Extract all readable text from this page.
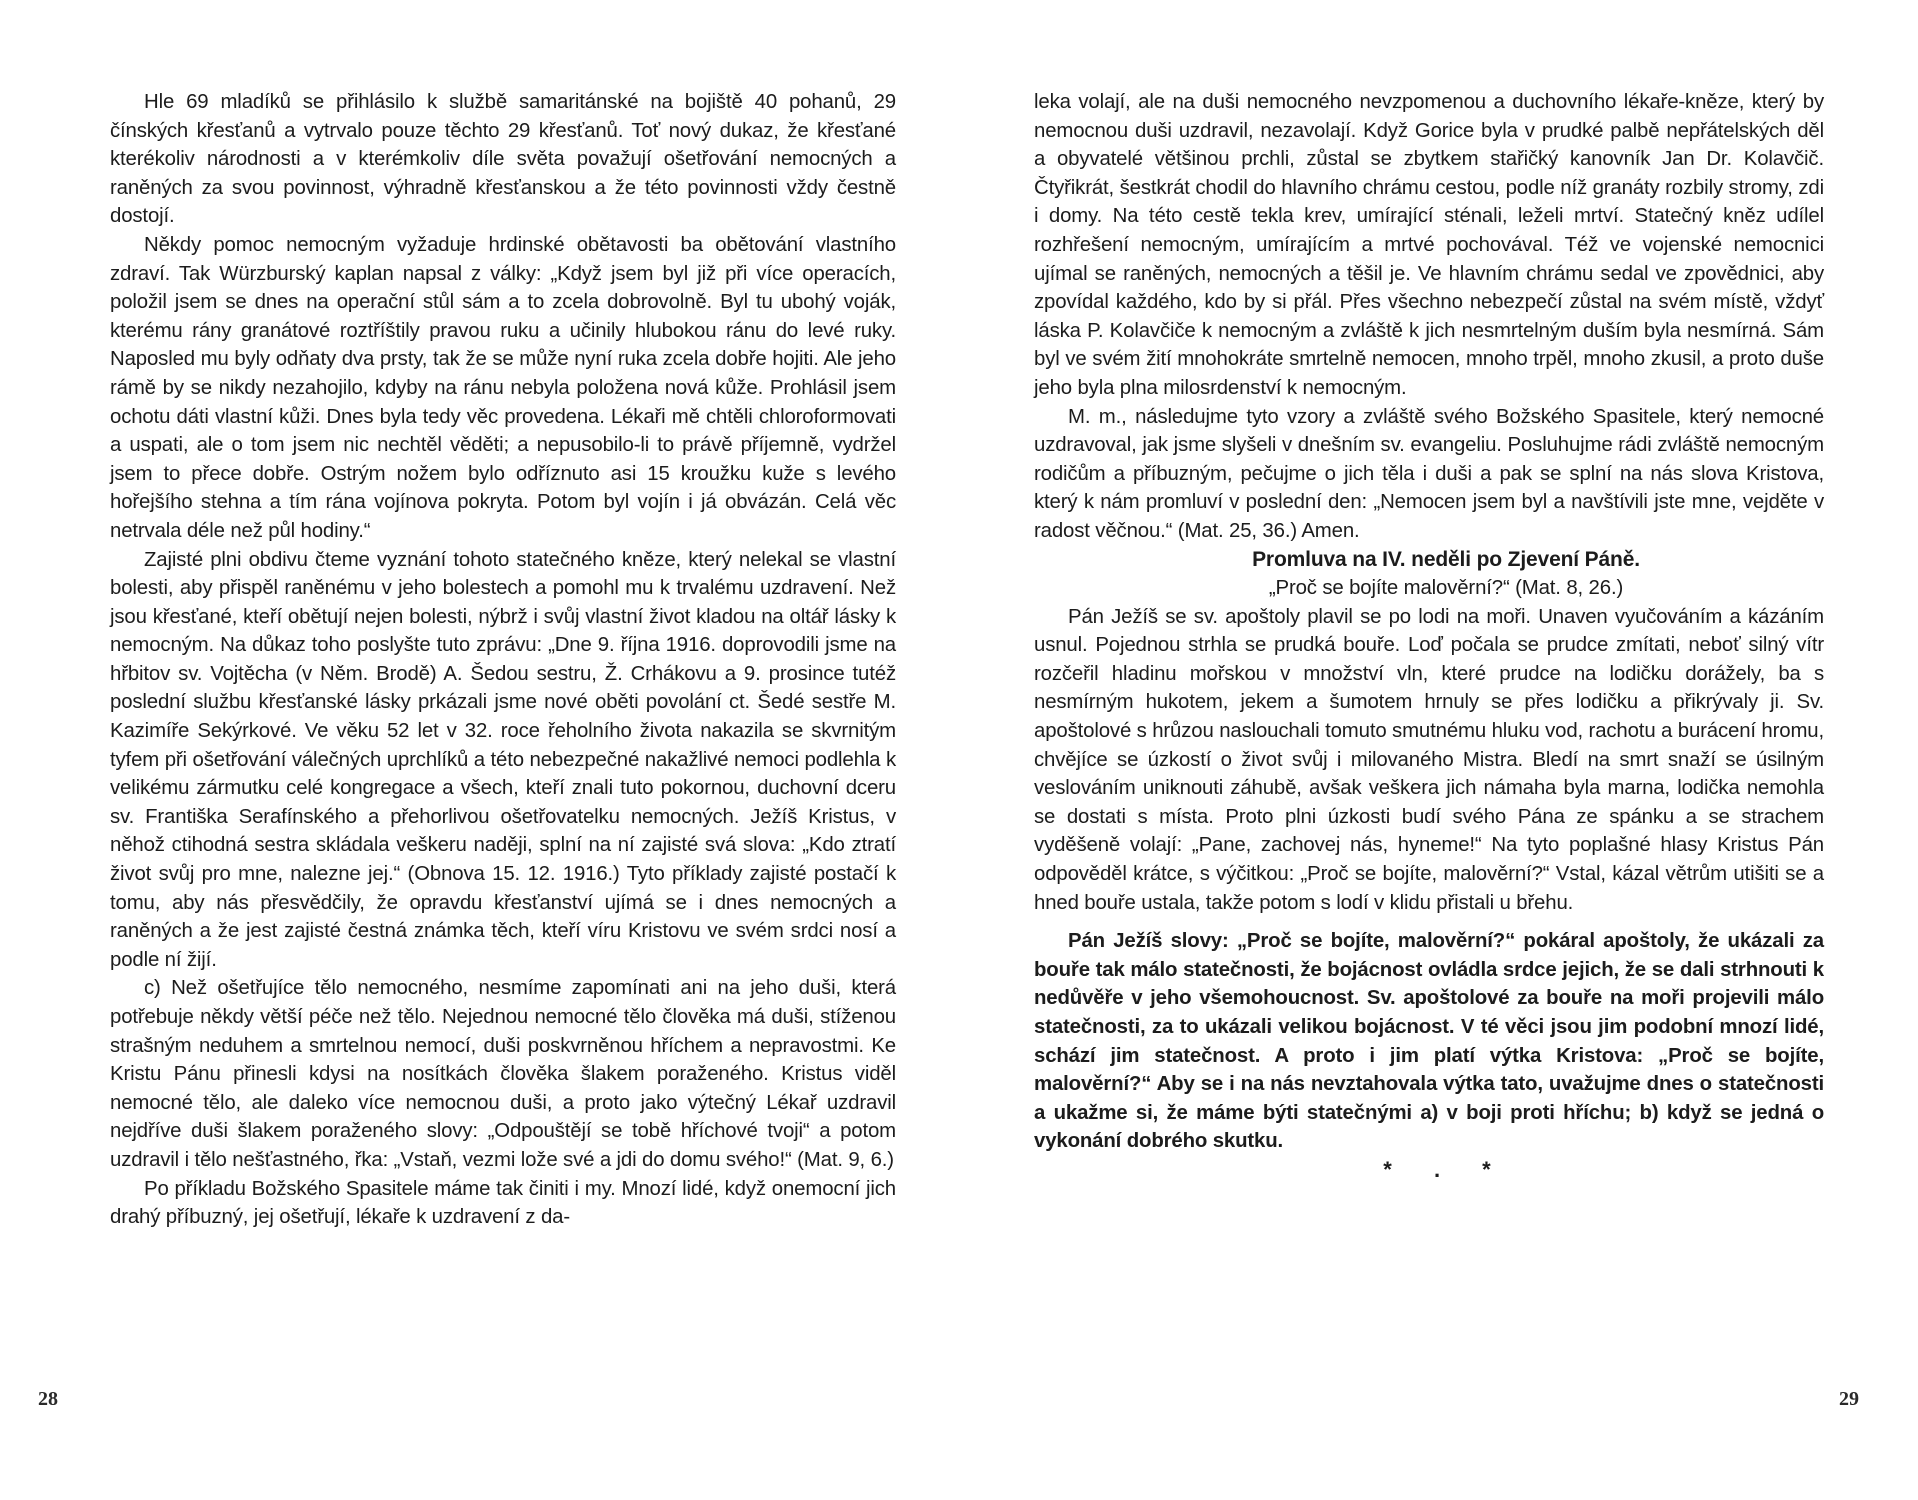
Hle 69 mladíků se přihlásilo k službě samaritánské na bojiště 40 pohanů, 29 čínských křesťanů a vytrvalo pouze těchto 29 křesťanů. Toť nový dukaz, že křesťané kterékoliv národnosti a v kterémkoliv díle světa považují ošetřování nemocných a raněných za svou povinnost, výhradně křesťanskou a že této povinnosti vždy čestně dostojí.

Někdy pomoc nemocným vyžaduje hrdinské obětavosti ba obětování vlastního zdraví. Tak Würzburský kaplan napsal z války: „Když jsem byl již při více operacích, položil jsem se dnes na operační stůl sám a to zcela dobrovolně. Byl tu ubohý voják, kterému rány granátové roztříštily pravou ruku a učinily hlubokou ránu do levé ruky. Naposled mu byly odňaty dva prsty, tak že se může nyní ruka zcela dobře hojiti. Ale jeho rámě by se nikdy nezahojilo, kdyby na ránu nebyla položena nová kůže. Prohlásil jsem ochotu dáti vlastní kůži. Dnes byla tedy věc provedena. Lékaři mě chtěli chloroformovati a uspati, ale o tom jsem nic nechtěl věděti; a nepusobilo-li to právě příjemně, vydržel jsem to přece dobře. Ostrým nožem bylo odříznuto asi 15 kroužku kuže s levého hořejšího stehna a tím rána vojínova pokryta. Potom byl vojín i já obvázán. Celá věc netrvala déle než půl hodiny.“

Zajisté plni obdivu čteme vyznání tohoto statečného kněze, který nelekal se vlastní bolesti, aby přispěl raněnému v jeho bolestech a pomohl mu k trvalému uzdravení. Než jsou křesťané, kteří obětují nejen bolesti, nýbrž i svůj vlastní život kladou na oltář lásky k nemocným. Na důkaz toho poslyšte tuto zprávu: „Dne 9. října 1916. doprovodili jsme na hřbitov sv. Vojtěcha (v Něm. Brodě) A. Šedou sestru, Ž. Crhákovu a 9. prosince tutéž poslední službu křesťanské lásky prkázali jsme nové oběti povolání ct. Šedé sestře M. Kazimíře Sekýrkové. Ve věku 52 let v 32. roce řeholního života nakazila se skvrnitým tyfem při ošetřování válečných uprchlíků a této nebezpečné nakažlivé nemoci podlehla k velikému zármutku celé kongregace a všech, kteří znali tuto pokornou, duchovní dceru sv. Františka Serafínského a přehorlivou ošetřovatelku nemocných. Ježíš Kristus, v něhož ctihodná sestra skládala veškeru naději, splní na ní zajisté svá slova: „Kdo ztratí život svůj pro mne, nalezne jej.“ (Obnova 15. 12. 1916.) Tyto příklady zajisté postačí k tomu, aby nás přesvědčily, že opravdu křesťanství ujímá se i dnes nemocných a raněných a že jest zajisté čestná známka těch, kteří víru Kristovu ve svém srdci nosí a podle ní žijí.

c) Než ošetřujíce tělo nemocného, nesmíme zapomínati ani na jeho duši, která potřebuje někdy větší péče než tělo. Nejednou nemocné tělo člověka má duši, stíženou strašným neduhem a smrtelnou nemocí, duši poskvrněnou hříchem a nepravostmi. Ke Kristu Pánu přinesli kdysi na nosítkách člověka šlakem poraženého. Kristus viděl nemocné tělo, ale daleko více nemocnou duši, a proto jako výtečný Lékař uzdravil nejdříve duši šlakem poraženého slovy: „Odpouštějí se tobě hříchové tvoji“ a potom uzdravil i tělo nešťastného, řka: „Vstaň, vezmi lože své a jdi do domu svého!“ (Mat. 9, 6.)

Po příkladu Božského Spasitele máme tak činiti i my. Mnozí lidé, když onemocní jich drahý příbuzný, jej ošetřují, lékaře k uzdravení z da-

28

leka volají, ale na duši nemocného nevzpomenou a duchovního lékaře-kněze, který by nemocnou duši uzdravil, nezavolají. Když Gorice byla v prudké palbě nepřátelských děl a obyvatelé většinou prchli, zůstal se zbytkem stařičký kanovník Jan Dr. Kolavčič. Čtyřikrát, šestkrát chodil do hlavního chrámu cestou, podle níž granáty rozbily stromy, zdi i domy. Na této cestě tekla krev, umírající sténali, leželi mrtví. Statečný kněz udílel rozhřešení nemocným, umírajícím a mrtvé pochovával. Též ve vojenské nemocnici ujímal se raněných, nemocných a těšil je. Ve hlavním chrámu sedal ve zpovědnici, aby zpovídal každého, kdo by si přál. Přes všechno nebezpečí zůstal na svém místě, vždyť láska P. Kolavčiče k nemocným a zvláště k jich nesmrtelným duším byla nesmírná. Sám byl ve svém žití mnohokráte smrtelně nemocen, mnoho trpěl, mnoho zkusil, a proto duše jeho byla plna milosrdenství k nemocným.

M. m., následujme tyto vzory a zvláště svého Božského Spasitele, který nemocné uzdravoval, jak jsme slyšeli v dnešním sv. evangeliu. Posluhujme rádi zvláště nemocným rodičům a příbuzným, pečujme o jich těla i duši a pak se splní na nás slova Kristova, který k nám promluví v poslední den: „Nemocen jsem byl a navštívili jste mne, vejděte v radost věčnou.“ (Mat. 25, 36.) Amen.

Promluva na IV. neděli po Zjevení Páně.

„Proč se bojíte malověrní?“ (Mat. 8, 26.)

Pán Ježíš se sv. apoštoly plavil se po lodi na moři. Unaven vyučováním a kázáním usnul. Pojednou strhla se prudká bouře. Loď počala se prudce zmítati, neboť silný vítr rozčeřil hladinu mořskou v množství vln, které prudce na lodičku dorážely, ba s nesmírným hukotem, jekem a šumotem hrnuly se přes lodičku a přikrývaly ji. Sv. apoštolové s hrůzou naslouchali tomuto smutnému hluku vod, rachotu a burácení hromu, chvějíce se úzkostí o život svůj i milovaného Mistra. Bledí na smrt snaží se úsilným veslováním uniknouti záhubě, avšak veškera jich námaha byla marna, lodička nemohla se dostati s místa. Proto plni úzkosti budí svého Pána ze spánku a se strachem vyděšeně volají: „Pane, zachovej nás, hyneme!“ Na tyto poplašné hlasy Kristus Pán odpověděl krátce, s výčitkou: „Proč se bojíte, malověrní?“ Vstal, kázal větrům utišiti se a hned bouře ustala, takže potom s lodí v klidu přistali u břehu.

Pán Ježíš slovy: „Proč se bojíte, malověrní?“ pokáral apoštoly, že ukázali za bouře tak málo statečnosti, že bojácnost ovládla srdce jejich, že se dali strhnouti k nedůvěře v jeho všemohoucnost. Sv. apoštolové za bouře na moři projevili málo statečnosti, za to ukázali velikou bojácnost. V té věci jsou jim podobní mnozí lidé, schází jim statečnost. A proto i jim platí výtka Kristova: „Proč se bojíte, malověrní?“ Aby se i na nás nevztahovala výtka tato, uvažujme dnes o statečnosti a ukažme si, že máme býti statečnými a) v boji proti hříchu; b) když se jedná o vykonání dobrého skutku.

* . *

29
